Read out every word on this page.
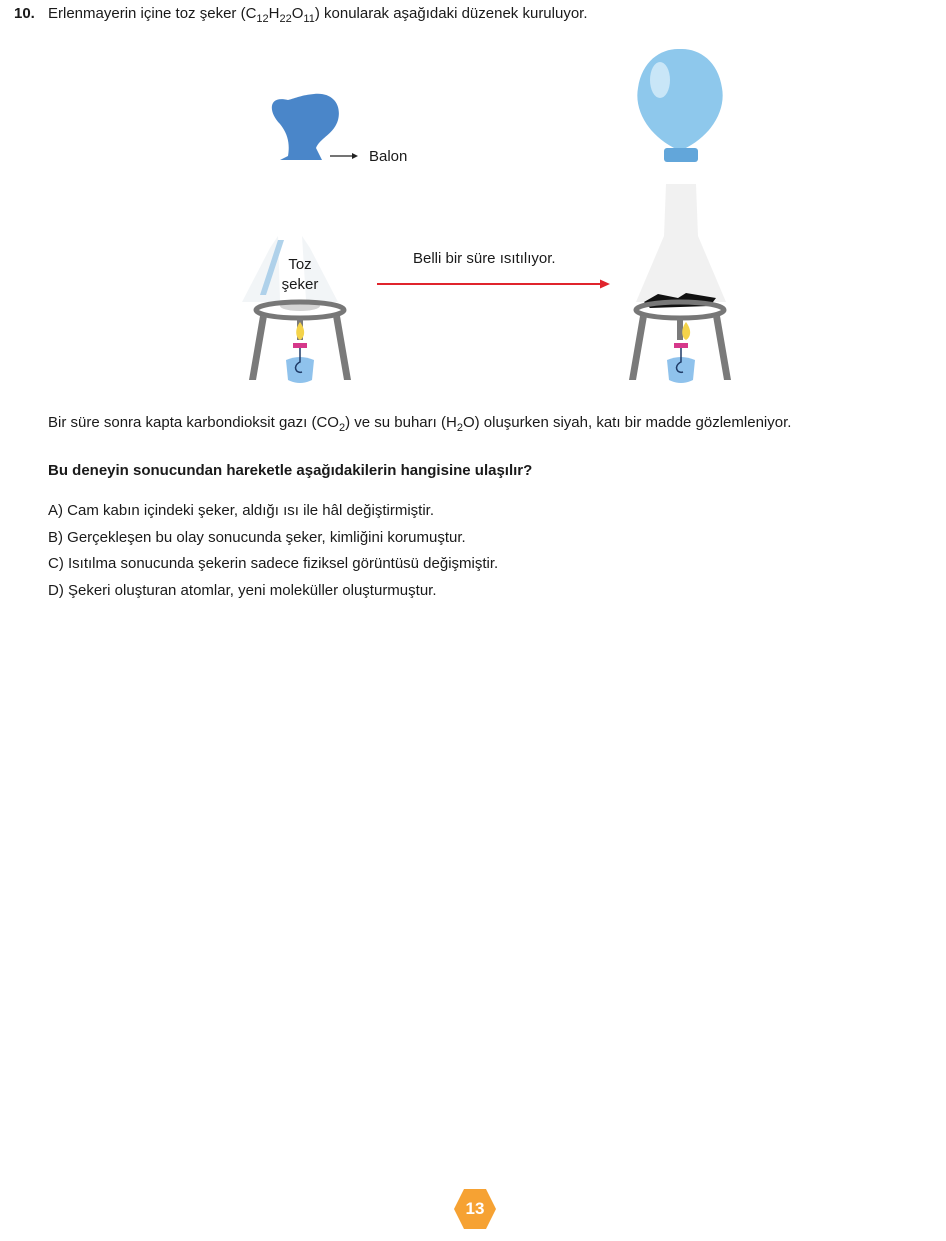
10. Erlenmayerin içine toz şeker $(C_{12}H_{22}O_{11})$ konularak aşağıdaki düzenek kuruluyor.
Balon
Toz
şeker
Belli bir süre ısıtılıyor.
Bir süre sonra kapta karbondioksit gazı $(CO_2)$ ve su buharı $(H_2O)$ oluşurken siyah, katı bir madde gözlemleniyor.
Bu deneyin sonucundan hareketle aşağıdakilerin hangisine ulaşılır?
A) Cam kabın içindeki şeker, aldığı ısı ile hâl değiştirmiştir.
B) Gerçekleşen bu olay sonucunda şeker, kimliğini korumuştur.
C) Isıtılma sonucunda şekerin sadece fiziksel görüntüsü değişmiştir.
D) Şekeri oluşturan atomlar, yeni moleküller oluşturmuştur.
13
